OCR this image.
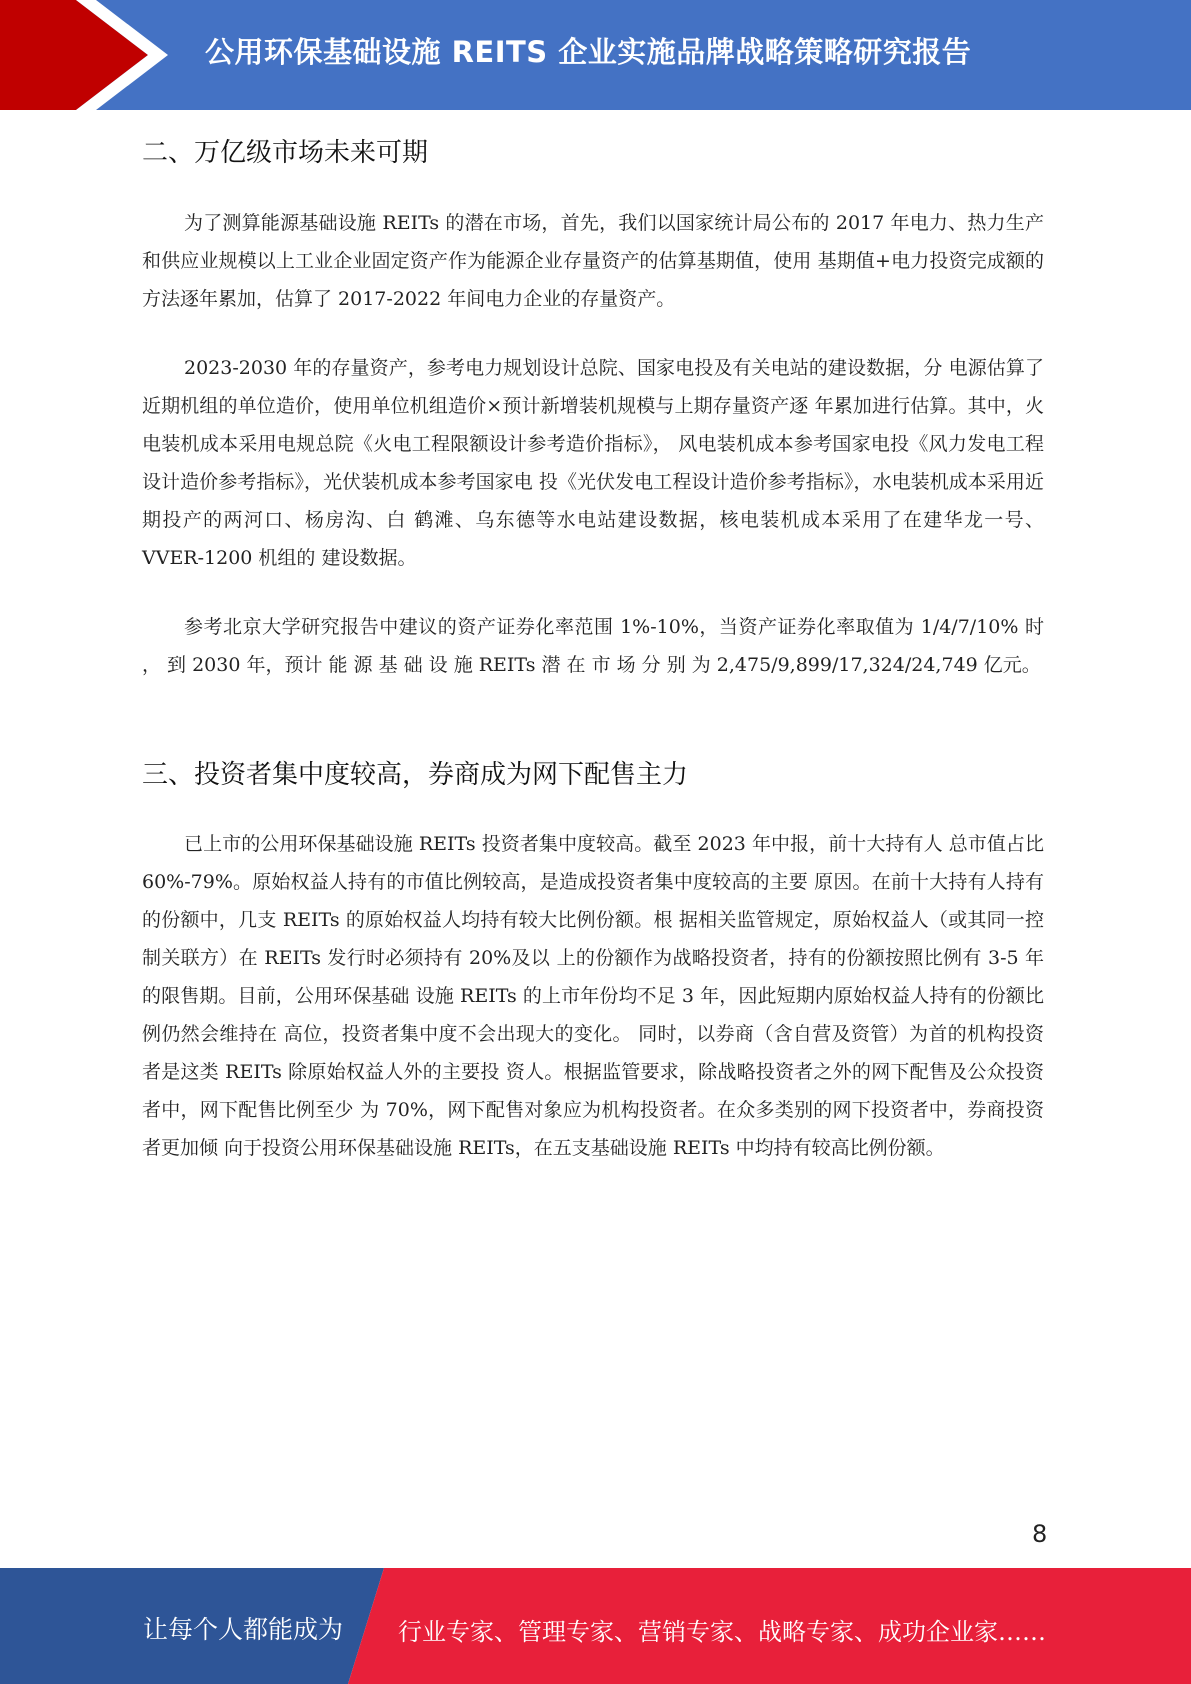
公用环保基础设施 REITS 企业实施品牌战略策略研究报告
二、万亿级市场未来可期

为了测算能源基础设施 REITs 的潜在市场，首先，我们以国家统计局公布的 2017 年电力、热力生产和供应业规模以上工业企业固定资产作为能源企业存量资产的估算基期值，使用 基期值+电力投资完成额的方法逐年累加，估算了 2017-2022 年间电力企业的存量资产。

2023-2030 年的存量资产，参考电力规划设计总院、国家电投及有关电站的建设数据，分 电源估算了近期机组的单位造价，使用单位机组造价×预计新增装机规模与上期存量资产逐 年累加进行估算。其中，火电装机成本采用电规总院《火电工程限额设计参考造价指标》， 风电装机成本参考国家电投《风力发电工程设计造价参考指标》，光伏装机成本参考国家电 投《光伏发电工程设计造价参考指标》，水电装机成本采用近期投产的两河口、杨房沟、白 鹤滩、乌东德等水电站建设数据，核电装机成本采用了在建华龙一号、VVER-1200 机组的 建设数据。

参考北京大学研究报告中建议的资产证券化率范围 1%-10%，当资产证券化率取值为 1/4/7/10% 时 ， 到 2030 年，预计 能 源 基 础 设 施 REITs 潜 在 市 场 分 别 为 2,475/9,899/17,324/24,749 亿元。

三、投资者集中度较高，券商成为网下配售主力

已上市的公用环保基础设施 REITs 投资者集中度较高。截至 2023 年中报，前十大持有人 总市值占比 60%-79%。原始权益人持有的市值比例较高，是造成投资者集中度较高的主要 原因。在前十大持有人持有的份额中，几支 REITs 的原始权益人均持有较大比例份额。根 据相关监管规定，原始权益人（或其同一控制关联方）在 REITs 发行时必须持有 20%及以 上的份额作为战略投资者，持有的份额按照比例有 3-5 年的限售期。目前，公用环保基础 设施 REITs 的上市年份均不足 3 年，因此短期内原始权益人持有的份额比例仍然会维持在 高位，投资者集中度不会出现大的变化。 同时，以券商（含自营及资管）为首的机构投资者是这类 REITs 除原始权益人外的主要投 资人。根据监管要求，除战略投资者之外的网下配售及公众投资者中，网下配售比例至少 为 70%，网下配售对象应为机构投资者。在众多类别的网下投资者中，券商投资者更加倾 向于投资公用环保基础设施 REITs，在五支基础设施 REITs 中均持有较高比例份额。

8
让每个人都能成为 行业专家、管理专家、营销专家、战略专家、成功企业家……
